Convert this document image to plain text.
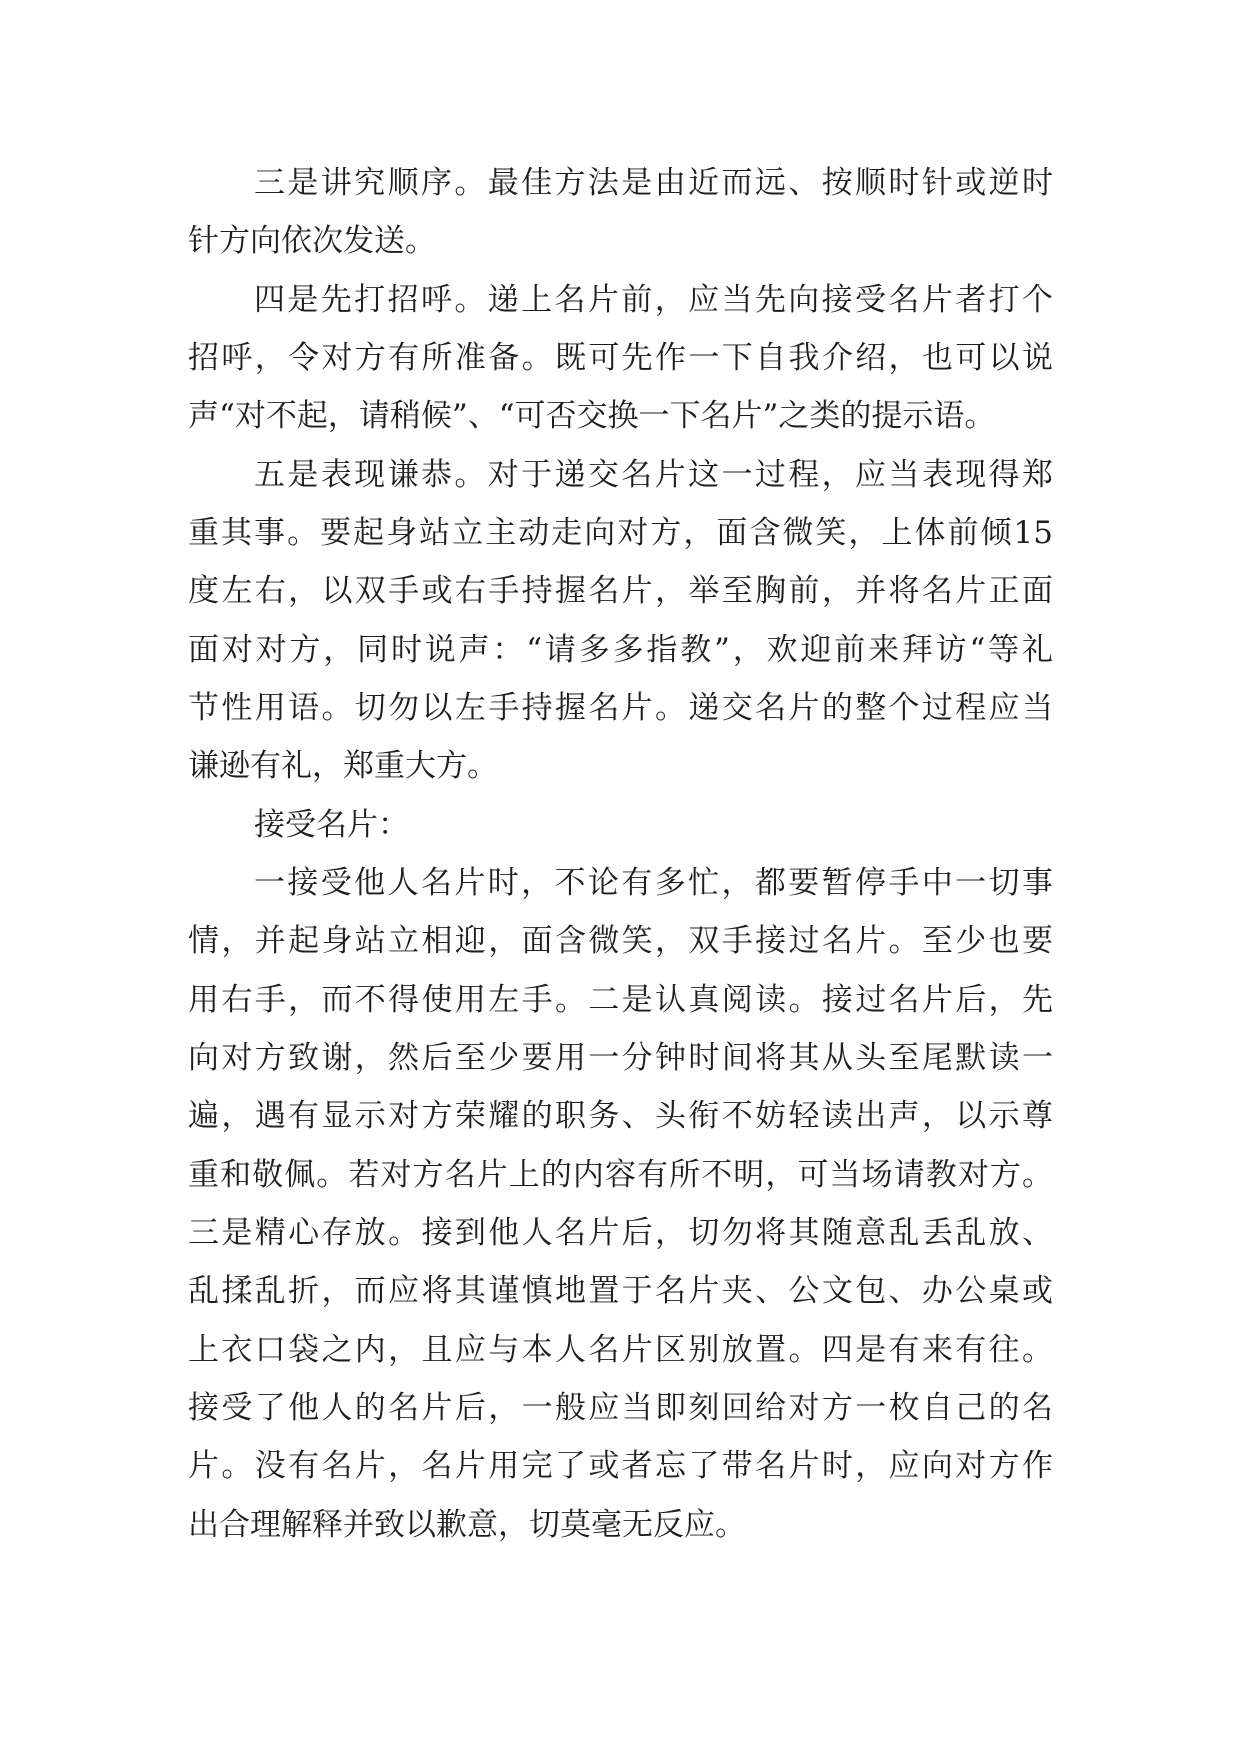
三是讲究顺序。最佳方法是由近而远、按顺时针或逆时
针方向依次发送。
四是先打招呼。递上名片前，应当先向接受名片者打个
招呼，令对方有所准备。既可先作一下自我介绍，也可以说
声“对不起，请稍候”、“可否交换一下名片”之类的提示语。
五是表现谦恭。对于递交名片这一过程，应当表现得郑
重其事。要起身站立主动走向对方，面含微笑，上体前倾15
度左右，以双手或右手持握名片，举至胸前，并将名片正面
面对对方，同时说声：“请多多指教”，欢迎前来拜访“等礼
节性用语。切勿以左手持握名片。递交名片的整个过程应当
谦逊有礼，郑重大方。
接受名片：
一接受他人名片时，不论有多忙，都要暂停手中一切事
情，并起身站立相迎，面含微笑，双手接过名片。至少也要
用右手，而不得使用左手。二是认真阅读。接过名片后，先
向对方致谢，然后至少要用一分钟时间将其从头至尾默读一
遍，遇有显示对方荣耀的职务、头衔不妨轻读出声，以示尊
重和敬佩。若对方名片上的内容有所不明，可当场请教对方。
三是精心存放。接到他人名片后，切勿将其随意乱丢乱放、
乱揉乱折，而应将其谨慎地置于名片夹、公文包、办公桌或
上衣口袋之内，且应与本人名片区别放置。四是有来有往。
接受了他人的名片后，一般应当即刻回给对方一枚自己的名
片。没有名片，名片用完了或者忘了带名片时，应向对方作
出合理解释并致以歉意，切莫毫无反应。
